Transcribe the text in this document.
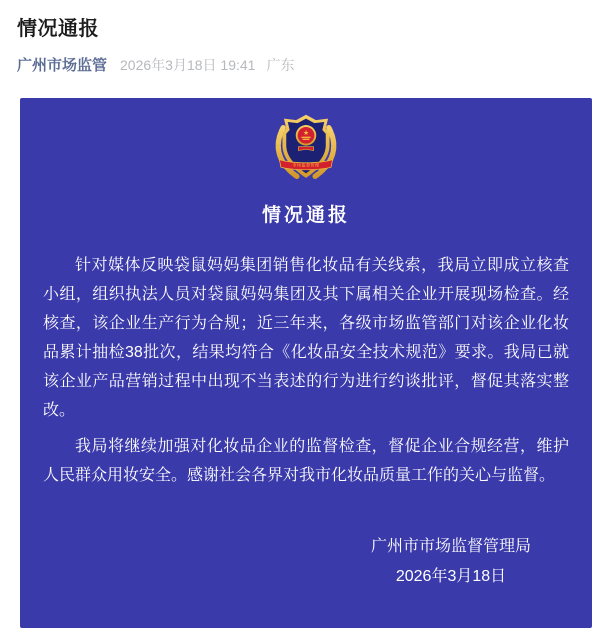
情况通报
广州市场监管 2026年3月18日 19:41 广东
★
市场监督管理
情况通报

针对媒体反映袋鼠妈妈集团销售化妆品有关线索，我局立即成立核查小组，组织执法人员对袋鼠妈妈集团及其下属相关企业开展现场检查。经核查，该企业生产行为合规；近三年来，各级市场监管部门对该企业化妆品累计抽检38批次，结果均符合《化妆品安全技术规范》要求。我局已就该企业产品营销过程中出现不当表述的行为进行约谈批评，督促其落实整改。

我局将继续加强对化妆品企业的监督检查，督促企业合规经营，维护人民群众用妆安全。感谢社会各界对我市化妆品质量工作的关心与监督。

广州市市场监督管理局
2026年3月18日
